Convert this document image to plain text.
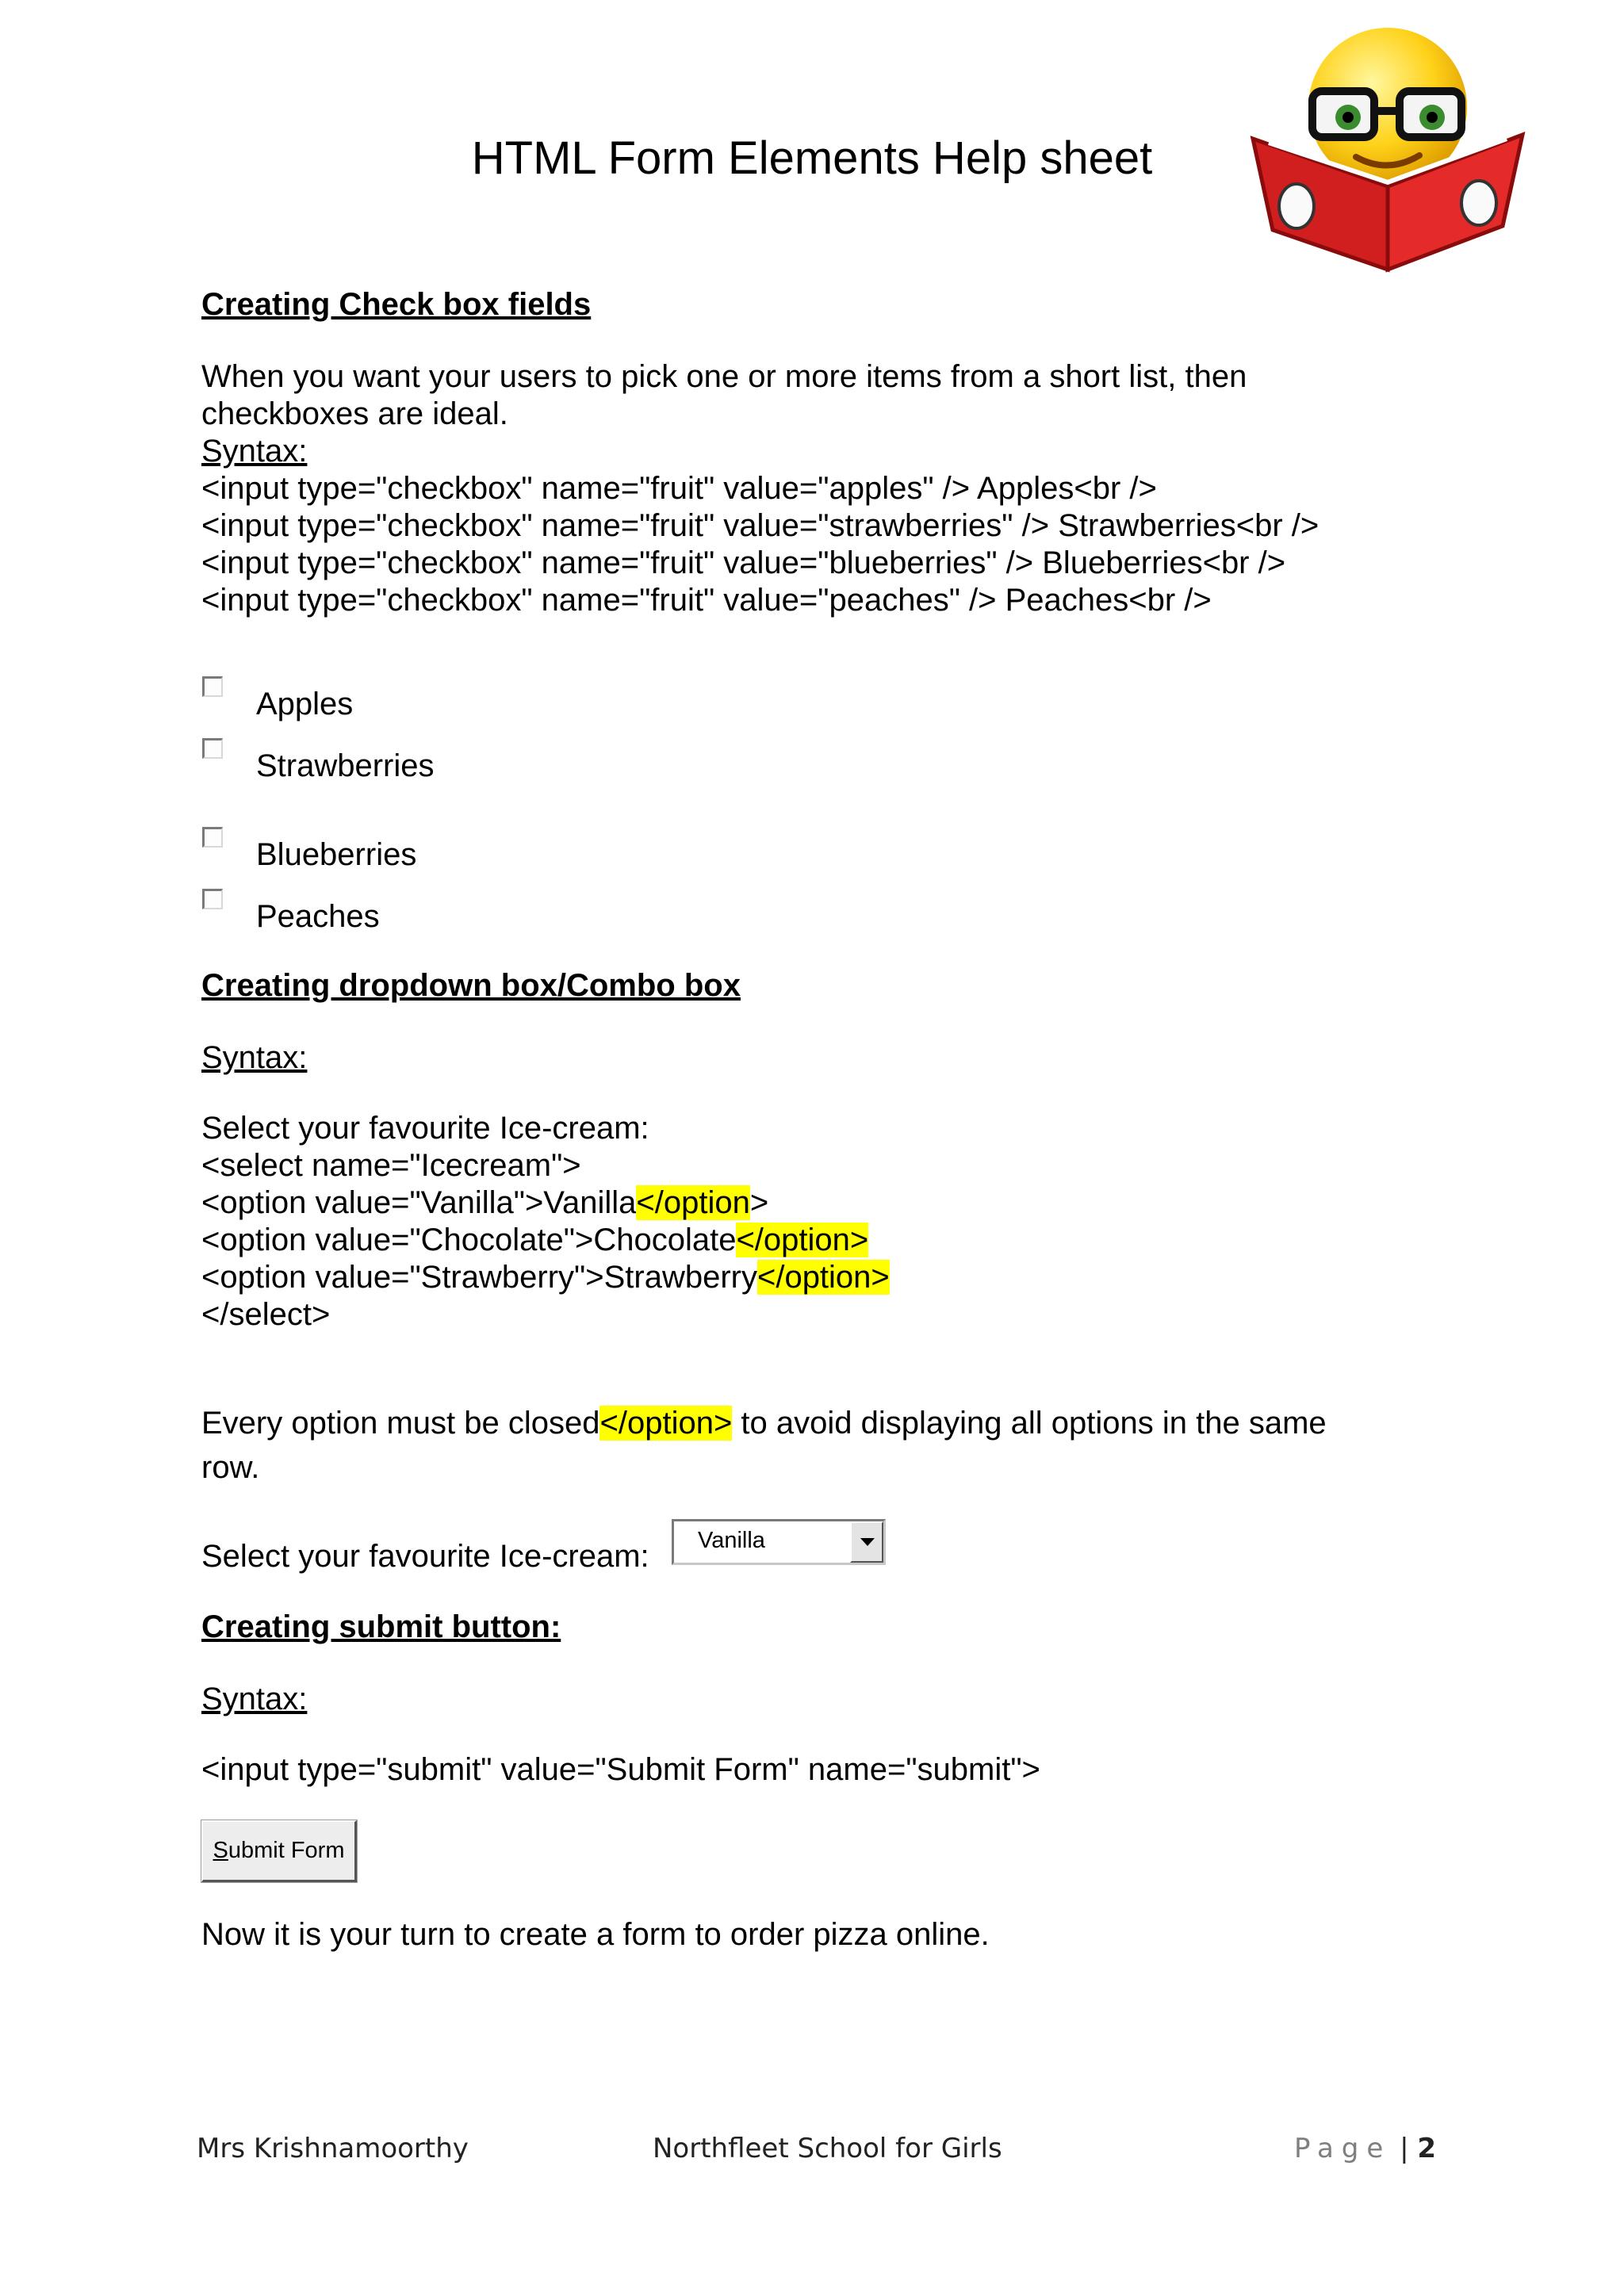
HTML Form Elements Help sheet
Creating Check box fields
When you want your users to pick one or more items from a short list, then
checkboxes are ideal.
Syntax:
<input type="checkbox" name="fruit" value="apples" /> Apples<br />
<input type="checkbox" name="fruit" value="strawberries" /> Strawberries<br />
<input type="checkbox" name="fruit" value="blueberries" /> Blueberries<br />
<input type="checkbox" name="fruit" value="peaches" /> Peaches<br />
Apples
Strawberries
Blueberries
Peaches
Creating dropdown box/Combo box
Syntax:
Select your favourite Ice-cream:
<select name="Icecream">
<option value="Vanilla">Vanilla</option>
<option value="Chocolate">Chocolate</option>
<option value="Strawberry">Strawberry</option>
</select>
Every option must be closed</option> to avoid displaying all options in the same
row.
Select your favourite Ice-cream: Vanilla
Creating submit button:
Syntax:
<input type="submit" value="Submit Form" name="submit">
Submit Form
Now it is your turn to create a form to order pizza online.
Mrs Krishnamoorthy	Northfleet School for Girls	Page | 2
